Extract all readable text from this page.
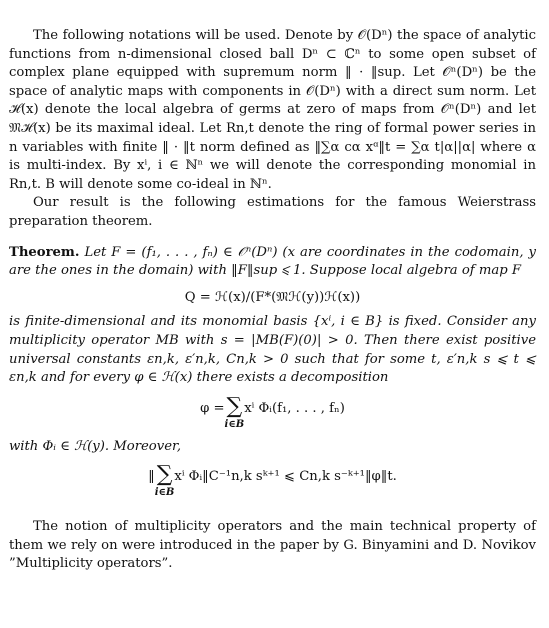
The following notations will be used. Denote by 𝒪(Dⁿ) the space of analytic functions from n-dimensional closed ball Dⁿ ⊂ ℂⁿ to some open subset of complex plane equipped with supremum norm ‖ · ‖sup. Let 𝒪ⁿ(Dⁿ) be the space of analytic maps with components in 𝒪(Dⁿ) with a direct sum norm. Let ℋ(x) denote the local algebra of germs at zero of maps from 𝒪ⁿ(Dⁿ) and let 𝔐ℋ(x) be its maximal ideal. Let Rn,t denote the ring of formal power series in n variables with finite ‖ · ‖t norm defined as ‖∑α cα xᵅ‖t = ∑α t|α||α| where α is multi-index. By xⁱ, i ∈ ℕⁿ we will denote the corresponding monomial in Rn,t. B will denote some co-ideal in ℕⁿ.

Our result is the following estimations for the famous Weierstrass preparation theorem.

Theorem. Let F = (f₁, . . . , fₙ) ∈ 𝒪ⁿ(Dⁿ) (x are coordinates in the codomain, y are the ones in the domain) with ‖F‖sup ⩽ 1. Suppose local algebra of map F

Q = ℋ(x)/(F*(𝔐ℋ(y))ℋ(x))

is finite-dimensional and its monomial basis {xⁱ, i ∈ B} is fixed. Consider any multiplicity operator MB with s = |MB(F)(0)| > 0. Then there exist positive universal constants εn,k, ε′n,k, Cn,k > 0 such that for some t, ε′n,k s ⩽ t ⩽ εn,k and for every φ ∈ ℋ(x) there exists a decomposition

φ = ∑
i∈B
xⁱ Φᵢ(f₁, . . . , fₙ)

with Φᵢ ∈ ℋ(y). Moreover,

‖ ∑
i∈B
xⁱ Φᵢ‖C⁻¹n,k sᵏ⁺¹ ⩽ Cn,k s⁻ᵏ⁺¹‖φ‖t.

The notion of multiplicity operators and the main technical property of them we rely on were introduced in the paper by G. Binyamini and D. Novikov ”Multiplicity operators”.
